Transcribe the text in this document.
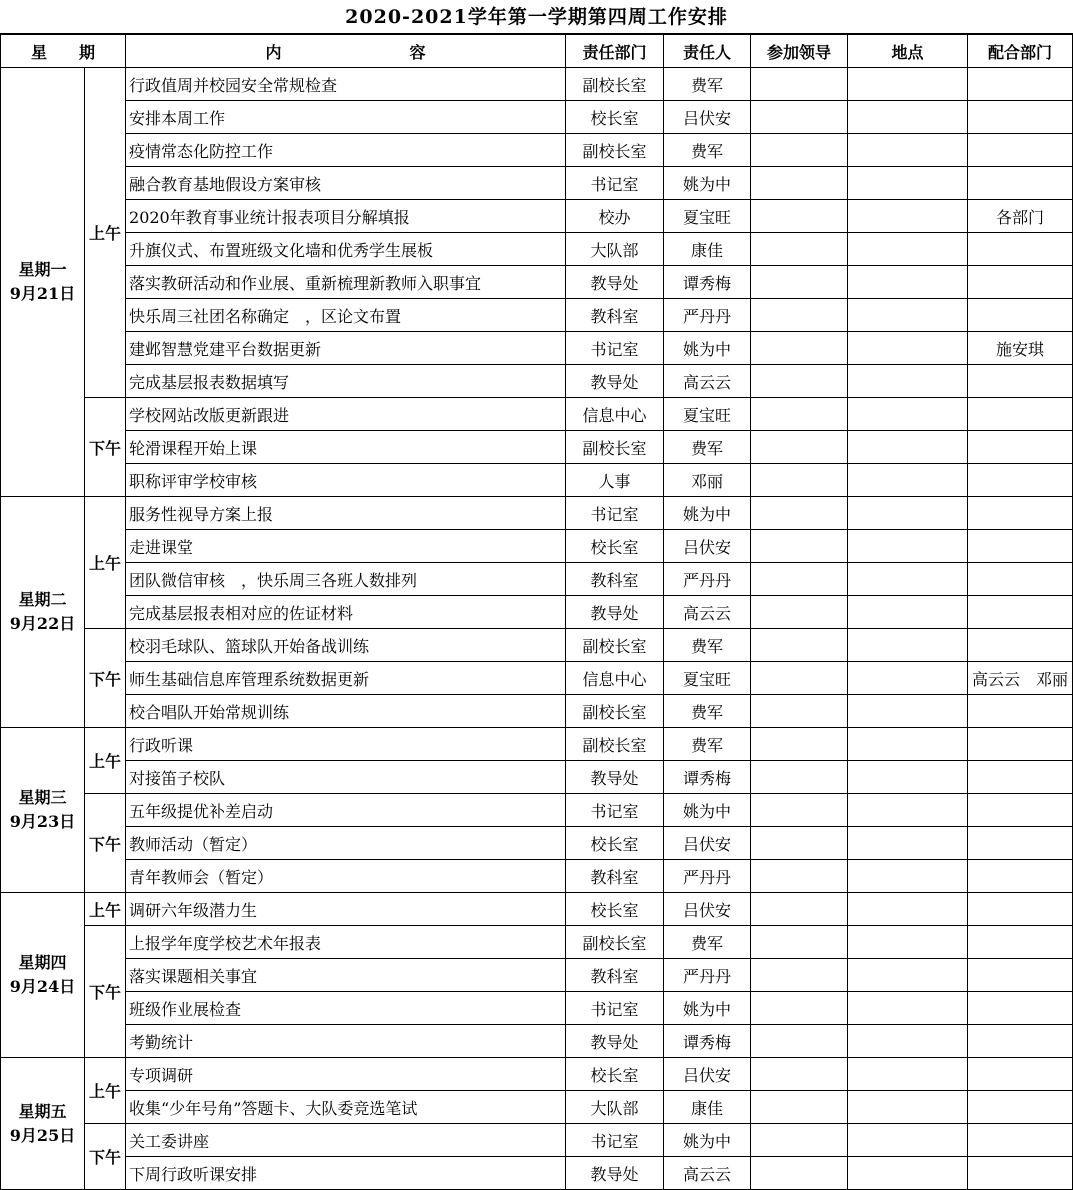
2020-2021学年第一学期第四周工作安排
星　　期		内　　　　　　　　容	责任部门	责任人	参加领导	地点	配合部门

星期一
9月21日	上午	行政值周并校园安全常规检查	副校长室	费军			
		安排本周工作	校长室	吕伏安			
		疫情常态化防控工作	副校长室	费军			
		融合教育基地假设方案审核	书记室	姚为中			
		2020年教育事业统计报表项目分解填报	校办	夏宝旺			各部门
		升旗仪式、布置班级文化墙和优秀学生展板	大队部	康佳			
		落实教研活动和作业展、重新梳理新教师入职事宜	教导处	谭秀梅			
		快乐周三社团名称确定　，区论文布置	教科室	严丹丹			
		建邺智慧党建平台数据更新	书记室	姚为中			施安琪
		完成基层报表数据填写	教导处	高云云			
	下午	学校网站改版更新跟进	信息中心	夏宝旺			
		轮滑课程开始上课	副校长室	费军			
		职称评审学校审核	人事	邓丽			

星期二
9月22日	上午	服务性视导方案上报	书记室	姚为中			
		走进课堂	校长室	吕伏安			
		团队微信审核　，快乐周三各班人数排列	教科室	严丹丹			
		完成基层报表相对应的佐证材料	教导处	高云云			
	下午	校羽毛球队、篮球队开始备战训练	副校长室	费军			
		师生基础信息库管理系统数据更新	信息中心	夏宝旺			高云云　邓丽
		校合唱队开始常规训练	副校长室	费军			

星期三
9月23日	上午	行政听课	副校长室	费军			
		对接笛子校队	教导处	谭秀梅			
	下午	五年级提优补差启动	书记室	姚为中			
		教师活动（暂定）	校长室	吕伏安			
		青年教师会（暂定）	教科室	严丹丹			

星期四
9月24日	上午	调研六年级潜力生	校长室	吕伏安			
	下午	上报学年度学校艺术年报表	副校长室	费军			
		落实课题相关事宜	教科室	严丹丹			
		班级作业展检查	书记室	姚为中			
		考勤统计	教导处	谭秀梅			

星期五
9月25日	上午	专项调研	校长室	吕伏安			
		收集“少年号角”答题卡、大队委竞选笔试	大队部	康佳			
	下午	关工委讲座	书记室	姚为中			
		下周行政听课安排	教导处	高云云			
